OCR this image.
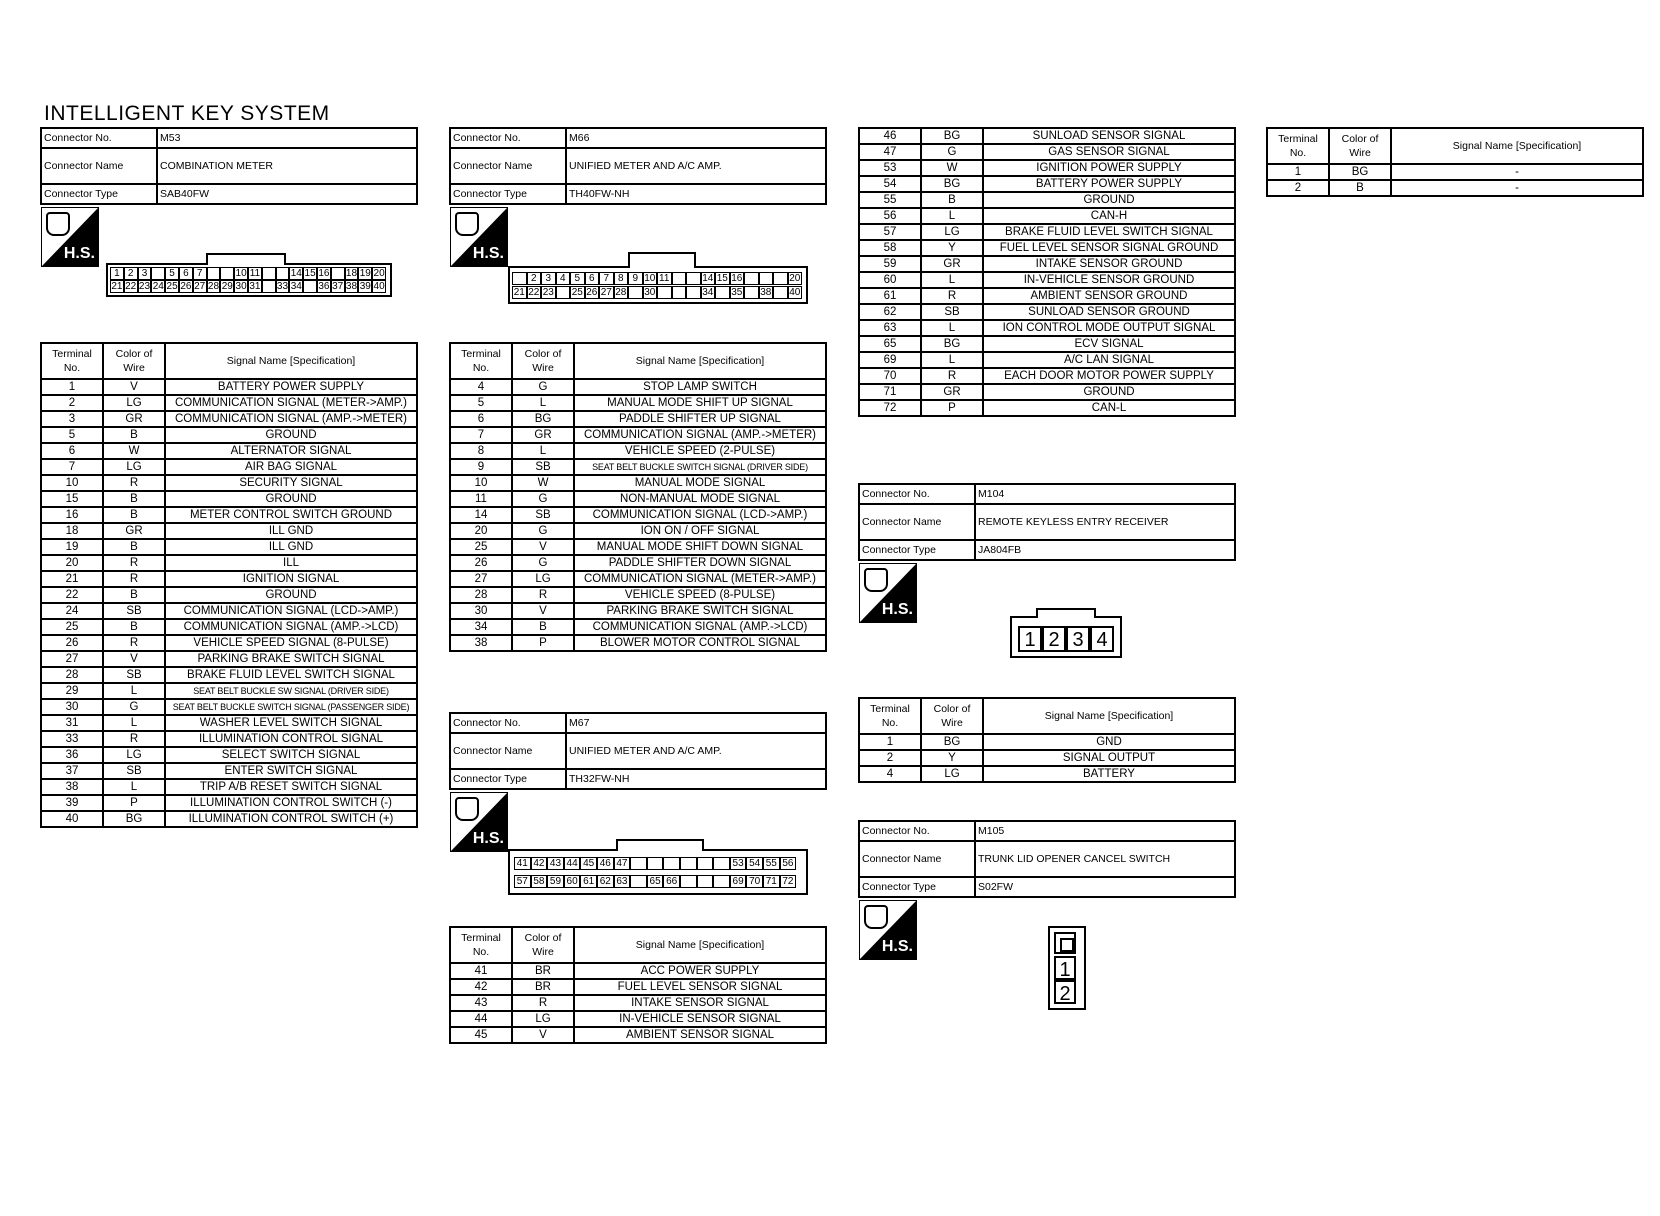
INTELLIGENT KEY SYSTEM
Connector No.	M53
Connector Name	COMBINATION METER
Connector Type	SAB40FW
H.S.
1 2 3	5 6 7	10 11	14 15 16 18 19 20
21 22 23 24 25 26 27 28 29 30 31 33 34 36 37 38 39 40
Terminal No.	Color of Wire	Signal Name [Specification]
1	V	BATTERY POWER SUPPLY
2	LG	COMMUNICATION SIGNAL (METER->AMP.)
3	GR	COMMUNICATION SIGNAL (AMP.->METER)
5	B	GROUND
6	W	ALTERNATOR SIGNAL
7	LG	AIR BAG SIGNAL
10	R	SECURITY SIGNAL
15	B	GROUND
16	B	METER CONTROL SWITCH GROUND
18	GR	ILL GND
19	B	ILL GND
20	R	ILL
21	R	IGNITION SIGNAL
22	B	GROUND
24	SB	COMMUNICATION SIGNAL (LCD->AMP.)
25	B	COMMUNICATION SIGNAL (AMP.->LCD)
26	R	VEHICLE SPEED SIGNAL (8-PULSE)
27	V	PARKING BRAKE SWITCH SIGNAL
28	SB	BRAKE FLUID LEVEL SWITCH SIGNAL
29	L	SEAT BELT BUCKLE SW SIGNAL (DRIVER SIDE)
30	G	SEAT BELT BUCKLE SWITCH SIGNAL (PASSENGER SIDE)
31	L	WASHER LEVEL SWITCH SIGNAL
33	R	ILLUMINATION CONTROL SIGNAL
36	LG	SELECT SWITCH SIGNAL
37	SB	ENTER SWITCH SIGNAL
38	L	TRIP A/B RESET SWITCH SIGNAL
39	P	ILLUMINATION CONTROL SWITCH (-)
40	BG	ILLUMINATION CONTROL SWITCH (+)
Connector No.	M66
Connector Name	UNIFIED METER AND A/C AMP.
Connector Type	TH40FW-NH
H.S.
2 3 4 5 6 7 8 9 10 11	14 15 16	20
21 22 23 25 26 27 28 30	34 35 38 40
Terminal No.	Color of Wire	Signal Name [Specification]
4	G	STOP LAMP SWITCH
5	L	MANUAL MODE SHIFT UP SIGNAL
6	BG	PADDLE SHIFTER UP SIGNAL
7	GR	COMMUNICATION SIGNAL (AMP.->METER)
8	L	VEHICLE SPEED (2-PULSE)
9	SB	SEAT BELT BUCKLE SWITCH SIGNAL (DRIVER SIDE)
10	W	MANUAL MODE SIGNAL
11	G	NON-MANUAL MODE SIGNAL
14	SB	COMMUNICATION SIGNAL (LCD->AMP.)
20	G	ION ON / OFF SIGNAL
25	V	MANUAL MODE SHIFT DOWN SIGNAL
26	G	PADDLE SHIFTER DOWN SIGNAL
27	LG	COMMUNICATION SIGNAL (METER->AMP.)
28	R	VEHICLE SPEED (8-PULSE)
30	V	PARKING BRAKE SWITCH SIGNAL
34	B	COMMUNICATION SIGNAL (AMP.->LCD)
38	P	BLOWER MOTOR CONTROL SIGNAL
Connector No.	M67
Connector Name	UNIFIED METER AND A/C AMP.
Connector Type	TH32FW-NH
H.S.
41 42 43 44 45 46 47	53 54 55 56
57 58 59 60 61 62 63 65 66	69 70 71 72
Terminal No.	Color of Wire	Signal Name [Specification]
41	BR	ACC POWER SUPPLY
42	BR	FUEL LEVEL SENSOR SIGNAL
43	R	INTAKE SENSOR SIGNAL
44	LG	IN-VEHICLE SENSOR SIGNAL
45	V	AMBIENT SENSOR SIGNAL
46	BG	SUNLOAD SENSOR SIGNAL
47	G	GAS SENSOR SIGNAL
53	W	IGNITION POWER SUPPLY
54	BG	BATTERY POWER SUPPLY
55	B	GROUND
56	L	CAN-H
57	LG	BRAKE FLUID LEVEL SWITCH SIGNAL
58	Y	FUEL LEVEL SENSOR SIGNAL GROUND
59	GR	INTAKE SENSOR GROUND
60	L	IN-VEHICLE SENSOR GROUND
61	R	AMBIENT SENSOR GROUND
62	SB	SUNLOAD SENSOR GROUND
63	L	ION CONTROL MODE OUTPUT SIGNAL
65	BG	ECV SIGNAL
69	L	A/C LAN SIGNAL
70	R	EACH DOOR MOTOR POWER SUPPLY
71	GR	GROUND
72	P	CAN-L
Connector No.	M104
Connector Name	REMOTE KEYLESS ENTRY RECEIVER
Connector Type	JA804FB
H.S.
1 2 3 4
Terminal No.	Color of Wire	Signal Name [Specification]
1	BG	GND
2	Y	SIGNAL OUTPUT
4	LG	BATTERY
Connector No.	M105
Connector Name	TRUNK LID OPENER CANCEL SWITCH
Connector Type	S02FW
H.S.
1
2
Terminal No.	Color of Wire	Signal Name [Specification]
1	BG	-
2	B	-
